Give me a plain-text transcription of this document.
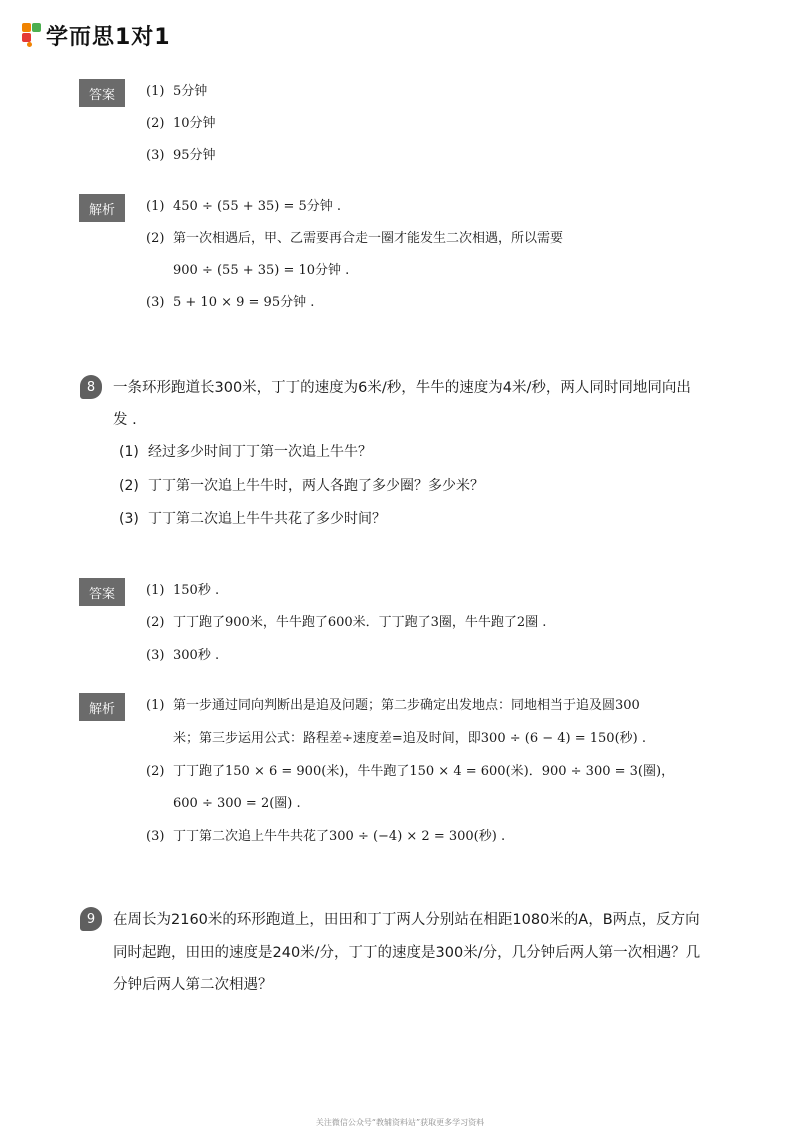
学而思1对1
答案	(1) 5分钟
(2) 10分钟
(3) 95分钟
解析	(1) 450 ÷ (55 + 35) = 5分钟 .
(2) 第一次相遇后，甲、乙需要再合走一圈才能发生二次相遇，所以需要
900 ÷ (55 + 35) = 10分钟 .
(3) 5 + 10 × 9 = 95分钟 .
8	一条环形跑道长300米，丁丁的速度为6米/秒，牛牛的速度为4米/秒，两人同时同地同向出
发 .
(1) 经过多少时间丁丁第一次追上牛牛？
(2) 丁丁第一次追上牛牛时，两人各跑了多少圈？多少米？
(3) 丁丁第二次追上牛牛共花了多少时间？
答案	(1) 150秒 .
(2) 丁丁跑了900米，牛牛跑了600米．丁丁跑了3圈，牛牛跑了2圈 .
(3) 300秒 .
解析	(1) 第一步通过同向判断出是追及问题；第二步确定出发地点：同地相当于追及圆300
米；第三步运用公式：路程差÷速度差=追及时间，即300 ÷ (6 − 4) = 150(秒) .
(2) 丁丁跑了150 × 6 = 900(米)，牛牛跑了150 × 4 = 600(米)．900 ÷ 300 = 3(圈)，
600 ÷ 300 = 2(圈) .
(3) 丁丁第二次追上牛牛共花了300 ÷ (−4) × 2 = 300(秒) .
9	在周长为2160米的环形跑道上，田田和丁丁两人分别站在相距1080米的A，B两点，反方向
同时起跑，田田的速度是240米/分，丁丁的速度是300米/分，几分钟后两人第一次相遇？几
分钟后两人第二次相遇？
关注微信公众号“教辅资料站”获取更多学习资料
